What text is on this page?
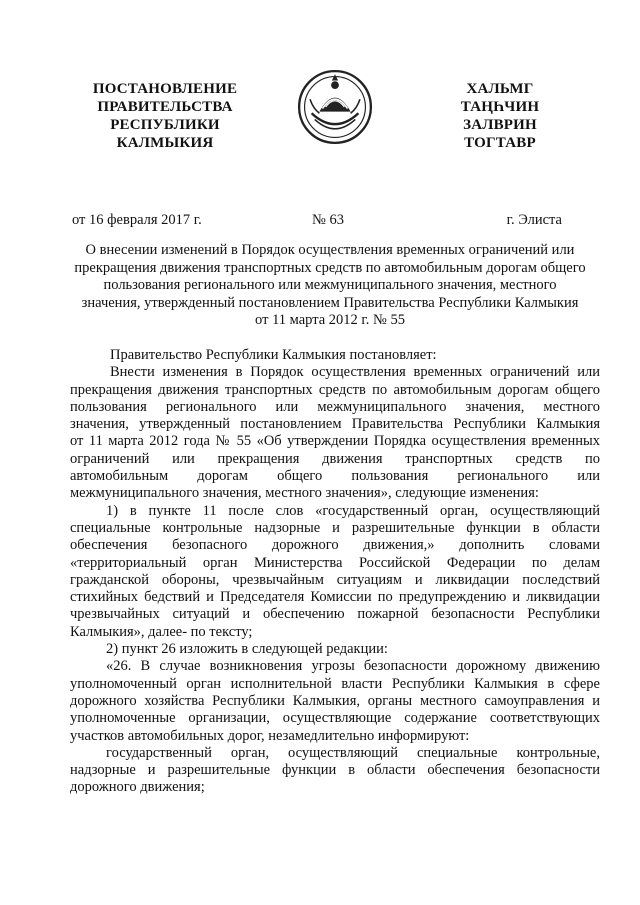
ПОСТАНОВЛЕНИЕ
ПРАВИТЕЛЬСТВА
РЕСПУБЛИКИ
КАЛМЫКИЯ
ХАЛЬМГ
ТАҢҺЧИН
ЗАЛВРИН
ТОГТАВР
от 16 февраля 2017 г.	№ 63	г. Элиста
О внесении изменений в Порядок осуществления временных ограничений или
прекращения движения транспортных средств по автомобильным дорогам общего
пользования регионального или межмуниципального значения, местного
значения, утвержденный постановлением Правительства Республики Калмыкия
от 11 марта 2012 г. № 55
Правительство Республики Калмыкия постановляет:
Внести изменения в Порядок осуществления временных ограничений или
прекращения движения транспортных средств по автомобильным дорогам общего
пользования регионального или межмуниципального значения, местного
значения, утвержденный постановлением Правительства Республики Калмыкия
от 11 марта 2012 года № 55 «Об утверждении Порядка осуществления временных
ограничений или прекращения движения транспортных средств по
автомобильным дорогам общего пользования регионального или
межмуниципального значения, местного значения», следующие изменения:
1) в пункте 11 после слов «государственный орган, осуществляющий
специальные контрольные надзорные и разрешительные функции в области
обеспечения безопасного дорожного движения,» дополнить словами
«территориальный орган Министерства Российской Федерации по делам
гражданской обороны, чрезвычайным ситуациям и ликвидации последствий
стихийных бедствий и Председателя Комиссии по предупреждению и ликвидации
чрезвычайных ситуаций и обеспечению пожарной безопасности Республики
Калмыкия», далее- по тексту;
2) пункт 26 изложить в следующей редакции:
«26. В случае возникновения угрозы безопасности дорожному движению
уполномоченный орган исполнительной власти Республики Калмыкия в сфере
дорожного хозяйства Республики Калмыкия, органы местного самоуправления и
уполномоченные организации, осуществляющие содержание соответствующих
участков автомобильных дорог, незамедлительно информируют:
государственный орган, осуществляющий специальные контрольные,
надзорные и разрешительные функции в области обеспечения безопасности
дорожного движения;
